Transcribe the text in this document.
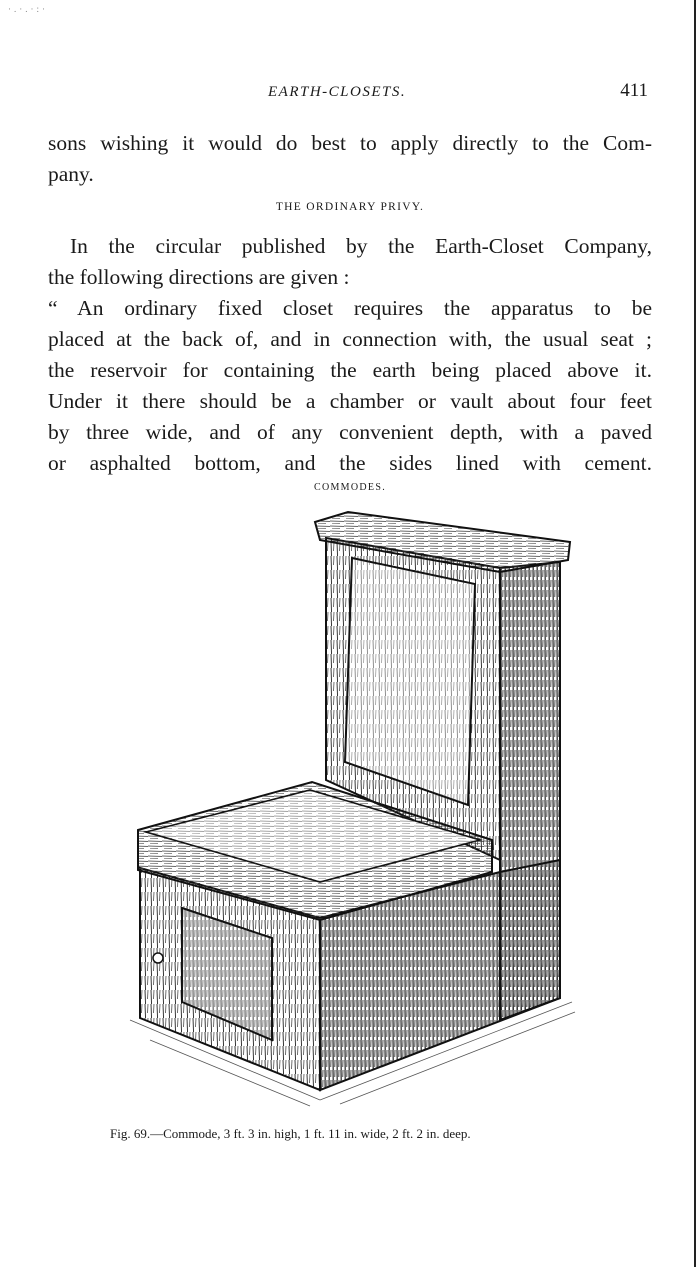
·.·.·:·
EARTH-CLOSETS.	411
sons wishing it would do best to apply directly to the Com-
pany.
THE ORDINARY PRIVY.
In the circular published by the Earth-Closet Company,
the following directions are given :
“ An ordinary fixed closet requires the apparatus to be
placed at the back of, and in connection with, the usual seat ;
the reservoir for containing the earth being placed above it.
Under it there should be a chamber or vault about four feet
by three wide, and of any convenient depth, with a paved
or asphalted bottom, and the sides lined with cement.
COMMODES.
Fig. 69.—Commode, 3 ft. 3 in. high, 1 ft. 11 in. wide, 2 ft. 2 in. deep.
